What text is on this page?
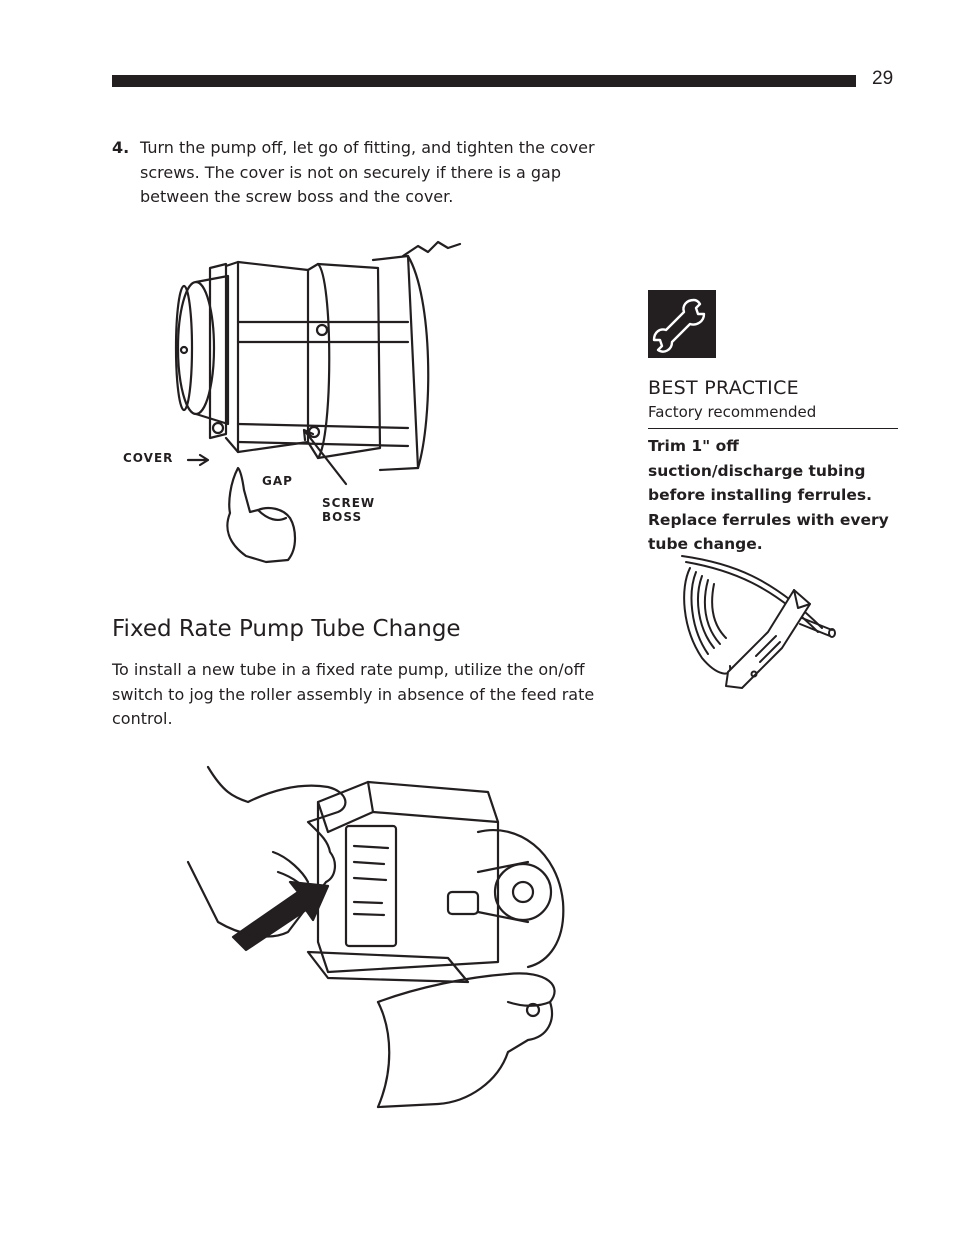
29
4. Turn the pump off, let go of fitting, and tighten the cover screws. The cover is not on securely if there is a gap between the screw boss and the cover.
COVER
GAP
SCREW BOSS
Fixed Rate Pump Tube Change
To install a new tube in a fixed rate pump, utilize the on/off switch to jog the roller assembly in absence of the feed rate control.
BEST PRACTICE
Factory recommended
Trim 1" off suction/discharge tubing before installing ferrules. Replace ferrules with every tube change.
